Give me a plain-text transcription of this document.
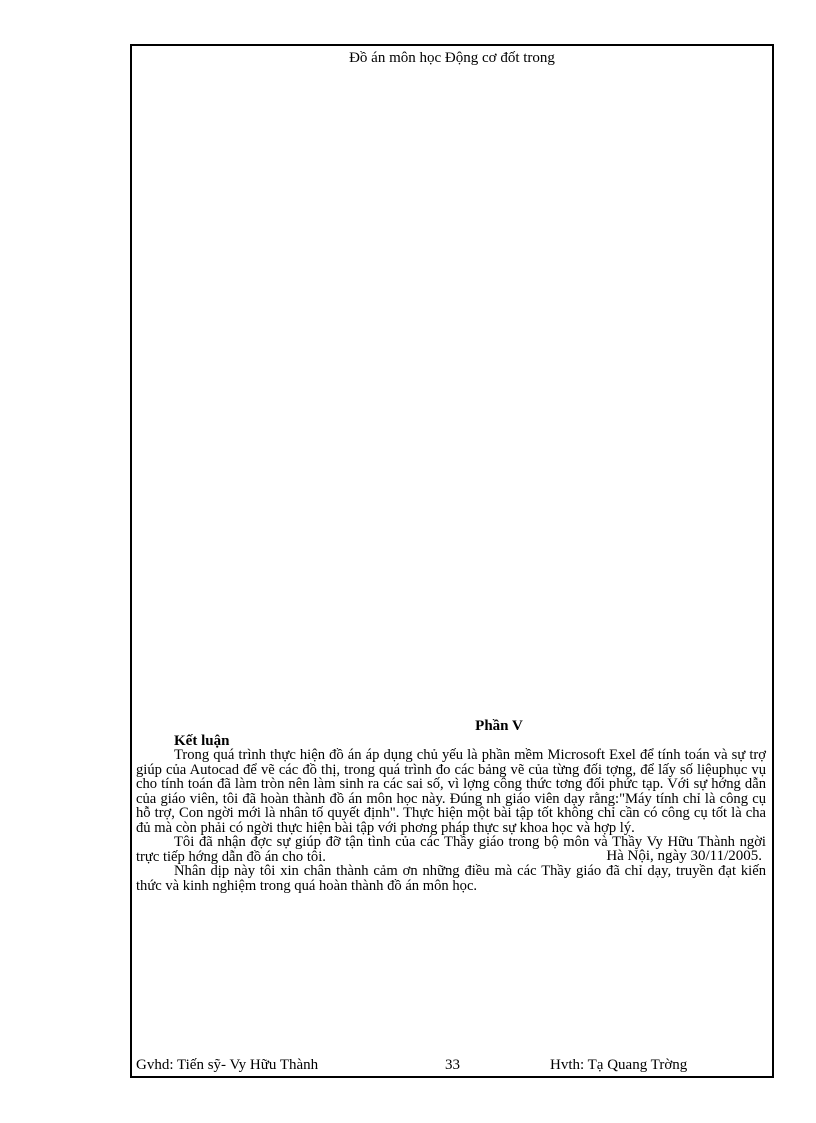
Đồ án môn học Động cơ đốt trong
Phần V
Kết luận

Trong quá trình thực hiện đồ án áp dụng chủ yếu là phần mềm Microsoft Exel để tính toán và sự trợ giúp của Autocad để vẽ các đồ thị, trong quá trình đo các bảng vẽ của từng đối tợng, để lấy số liệuphục vụ cho tính toán đã làm tròn nên làm sinh ra các sai số, vì lợng công thức tơng đối phức tạp. Với sự hớng dẫn của giáo viên, tôi đã hoàn thành đồ án môn học này. Đúng nh giáo viên dạy rằng:"Máy tính chỉ là công cụ hỗ trợ, Con ngời mới là nhân tố quyết định". Thực hiện một bài tập tốt không chỉ cần có công cụ tốt là cha đủ mà còn phải có ngời thực hiện bài tập với phơng pháp thực sự khoa học và hợp lý.

Tôi đã nhận đợc sự giúp đỡ tận tình của các Thầy giáo trong bộ môn và Thầy Vy Hữu Thành ngời trực tiếp hớng dẫn đồ án cho tôi.

Nhân dịp này tôi xin chân thành cảm ơn những điều mà các Thầy giáo đã chỉ dạy, truyền đạt kiến thức và kinh nghiệm trong quá hoàn thành đồ án môn học.

Hà Nội, ngày 30/11/2005.
Gvhd: Tiến sỹ- Vy Hữu Thành	33	Hvth: Tạ Quang Trờng
